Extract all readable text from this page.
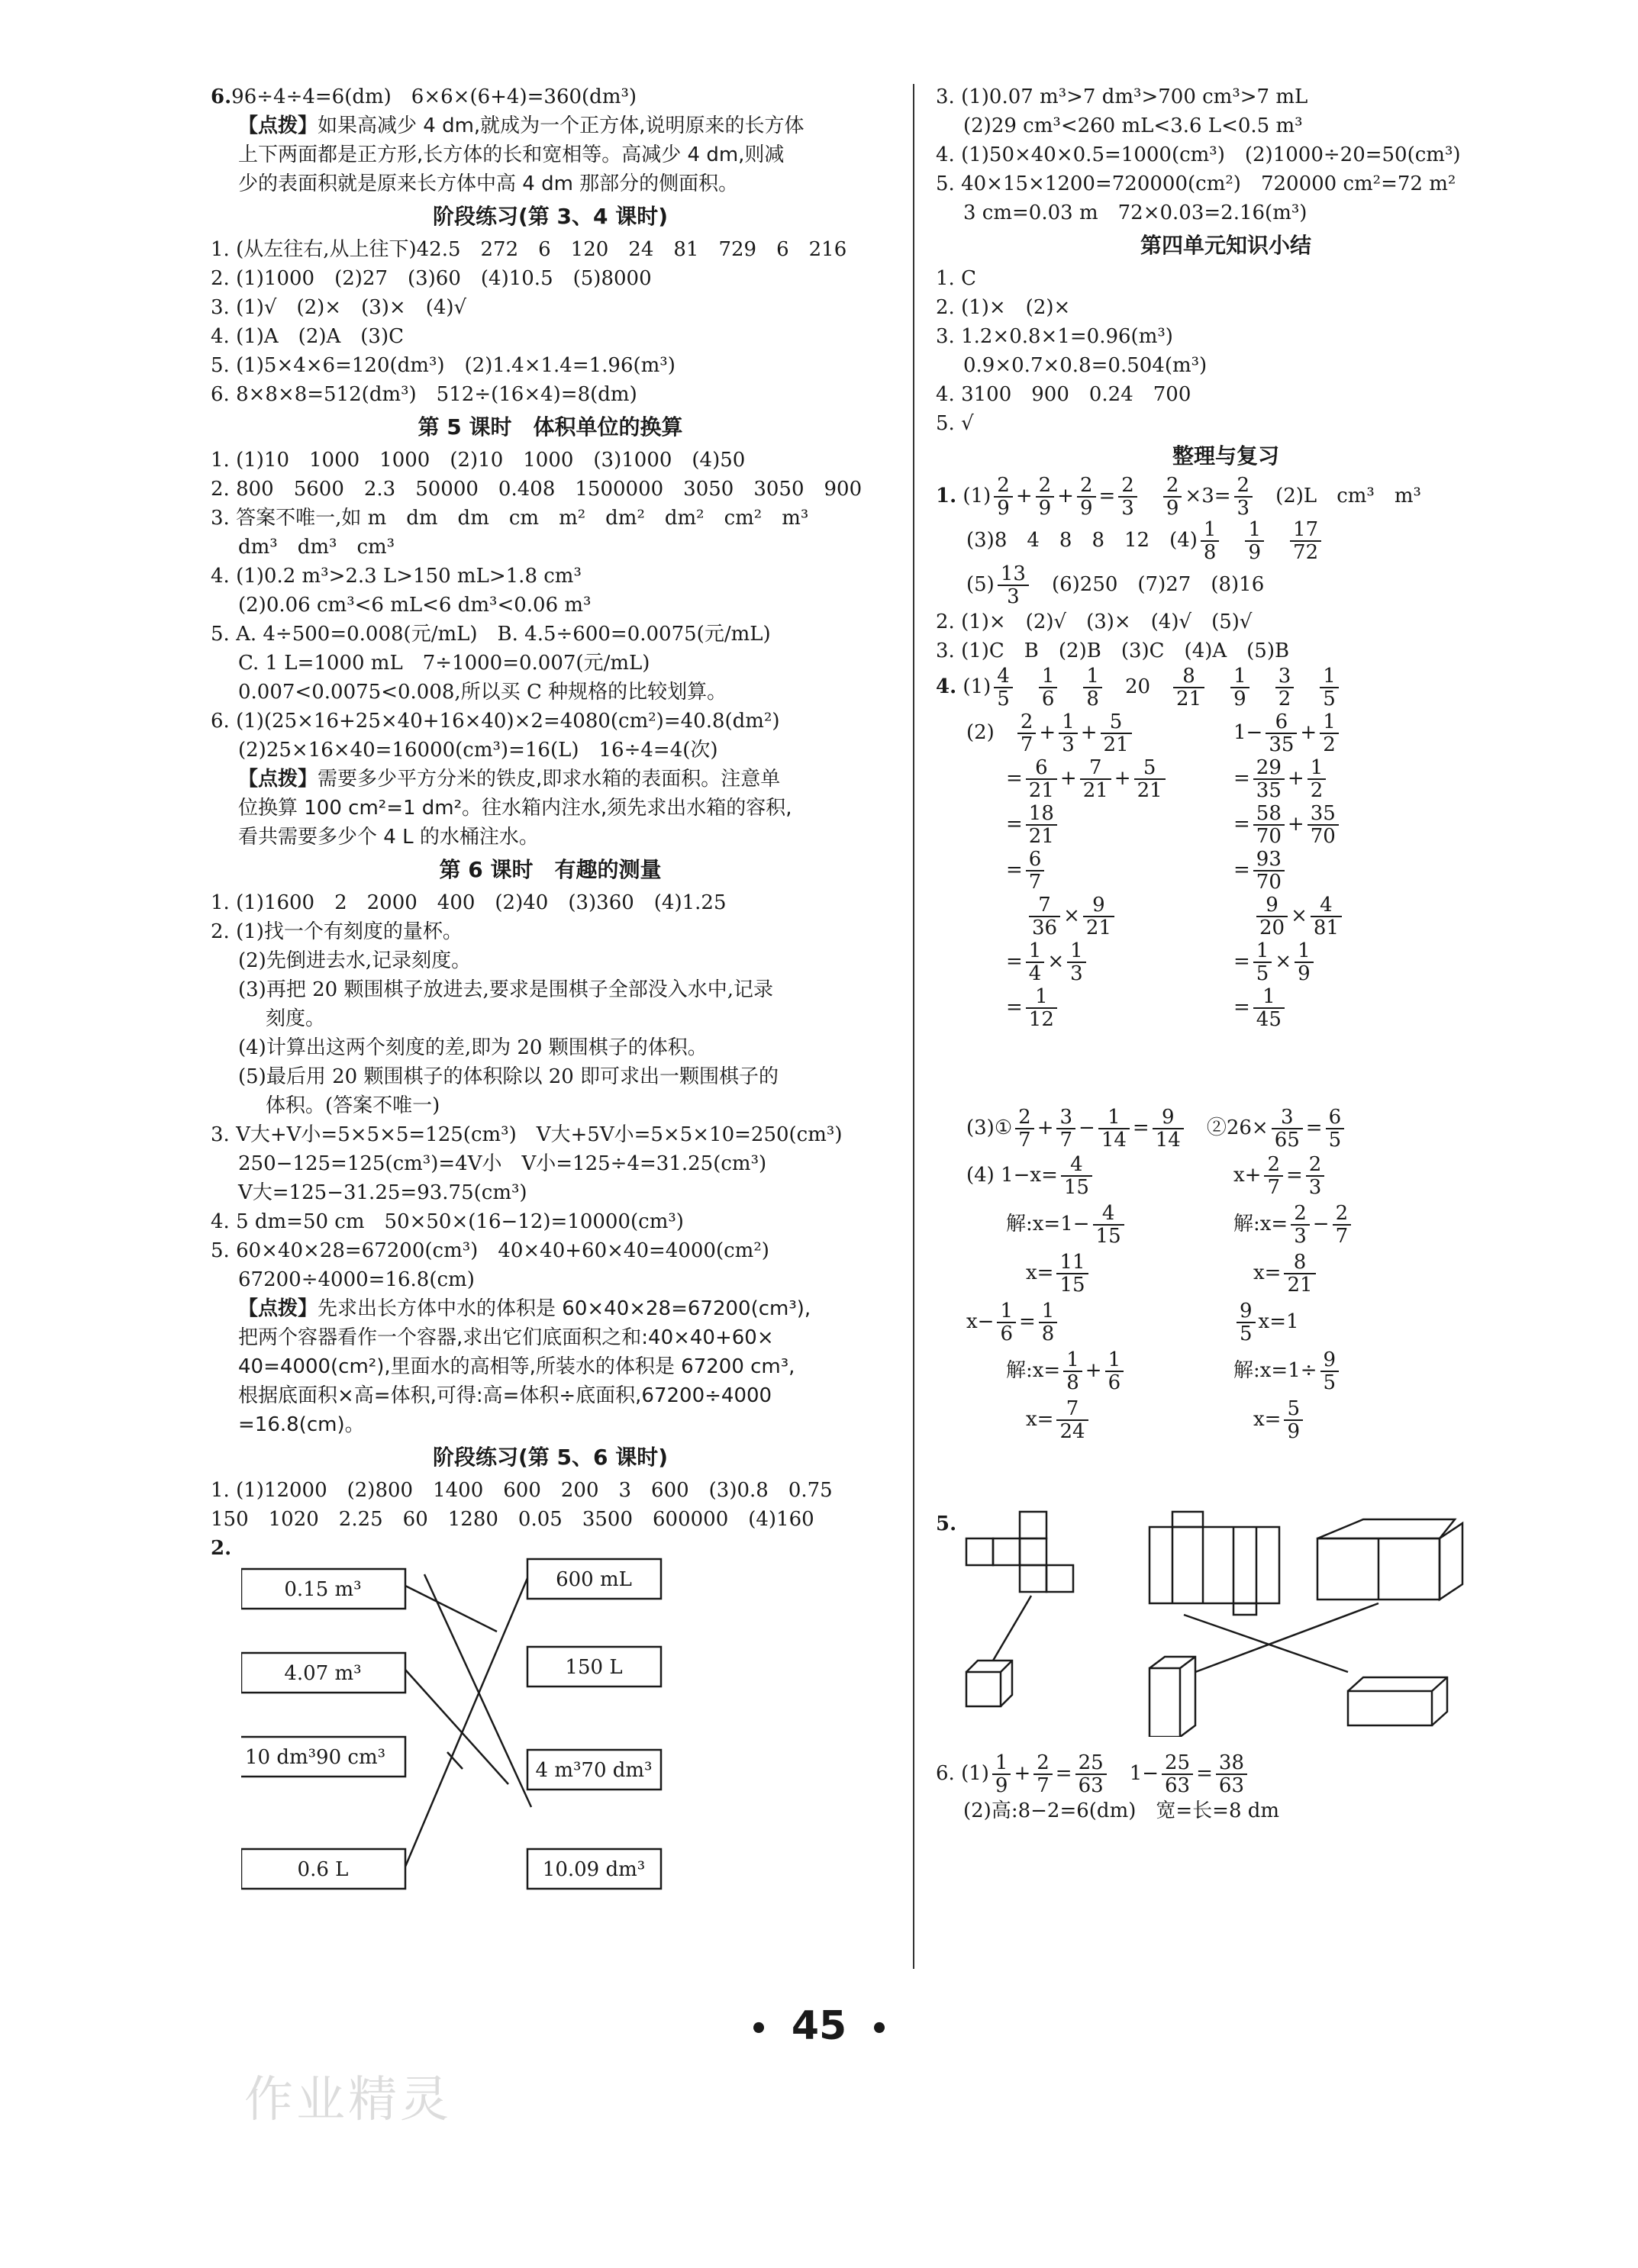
6.96÷4÷4=6(dm)　6×6×(6+4)=360(dm³)
【点拨】如果高减少 4 dm,就成为一个正方体,说明原来的长方体
上下两面都是正方形,长方体的长和宽相等。高减少 4 dm,则减
少的表面积就是原来长方体中高 4 dm 那部分的侧面积。
阶段练习(第 3、4 课时)
1. (从左往右,从上往下)42.5　272　6　120　24　81　729　6　216
2. (1)1000　(2)27　(3)60　(4)10.5　(5)8000
3. (1)√　(2)×　(3)×　(4)√
4. (1)A　(2)A　(3)C
5. (1)5×4×6=120(dm³)　(2)1.4×1.4=1.96(m³)
6. 8×8×8=512(dm³)　512÷(16×4)=8(dm)
第 5 课时　体积单位的换算
1. (1)10　1000　1000　(2)10　1000　(3)1000　(4)50
2. 800　5600　2.3　50000　0.408　1500000　3050　3050　900
3. 答案不唯一,如 m　dm　dm　cm　m²　dm²　dm²　cm²　m³
dm³　dm³　cm³
4. (1)0.2 m³>2.3 L>150 mL>1.8 cm³
(2)0.06 cm³<6 mL<6 dm³<0.06 m³
5. A. 4÷500=0.008(元/mL)　B. 4.5÷600=0.0075(元/mL)
C. 1 L=1000 mL　7÷1000=0.007(元/mL)
0.007<0.0075<0.008,所以买 C 种规格的比较划算。
6. (1)(25×16+25×40+16×40)×2=4080(cm²)=40.8(dm²)
(2)25×16×40=16000(cm³)=16(L)　16÷4=4(次)
【点拨】需要多少平方分米的铁皮,即求水箱的表面积。注意单
位换算 100 cm²=1 dm²。往水箱内注水,须先求出水箱的容积,
看共需要多少个 4 L 的水桶注水。
第 6 课时　有趣的测量
1. (1)1600　2　2000　400　(2)40　(3)360　(4)1.25
2. (1)找一个有刻度的量杯。
(2)先倒进去水,记录刻度。
(3)再把 20 颗围棋子放进去,要求是围棋子全部没入水中,记录
刻度。
(4)计算出这两个刻度的差,即为 20 颗围棋子的体积。
(5)最后用 20 颗围棋子的体积除以 20 即可求出一颗围棋子的
体积。(答案不唯一)
3. V大+V小=5×5×5=125(cm³)　V大+5V小=5×5×10=250(cm³)
250−125=125(cm³)=4V小　V小=125÷4=31.25(cm³)
V大=125−31.25=93.75(cm³)
4. 5 dm=50 cm　50×50×(16−12)=10000(cm³)
5. 60×40×28=67200(cm³)　40×40+60×40=4000(cm²)
67200÷4000=16.8(cm)
【点拨】先求出长方体中水的体积是 60×40×28=67200(cm³),
把两个容器看作一个容器,求出它们底面积之和:40×40+60×
40=4000(cm²),里面水的高相等,所装水的体积是 67200 cm³,
根据底面积×高=体积,可得:高=体积÷底面积,67200÷4000
=16.8(cm)。
阶段练习(第 5、6 课时)
1. (1)12000　(2)800　1400　600　200　3　600　(3)0.8　0.75
150　1020　2.25　60　1280　0.05　3500　600000　(4)160
2.
0.15 m³
4.07 m³
10 dm³90 cm³
0.6 L
600 mL
150 L
4 m³70 dm³
10.09 dm³
3. (1)0.07 m³>7 dm³>700 cm³>7 mL
(2)29 cm³<260 mL<3.6 L<0.5 m³
4. (1)50×40×0.5=1000(cm³)　(2)1000÷20=50(cm³)
5. 40×15×1200=720000(cm²)　720000 cm²=72 m²
3 cm=0.03 m　72×0.03=2.16(m³)
第四单元知识小结
1. C
2. (1)×　(2)×
3. 1.2×0.8×1=0.96(m³)
0.9×0.7×0.8=0.504(m³)
4. 3100　900　0.24　700
5. √
整理与复习
1. $(1) \frac{2}{9} + \frac{2}{9} + \frac{2}{9} = \frac{2}{3}$
　 $\frac{2}{9} \times 3= \frac{2}{3}$
　 (2)L　cm³　m³
(3)8　4　8　8　12　$(4) \frac{1}{8}$
　 $\frac{1}{9}$
　 $\frac{17}{72}$
$(5) \frac{13}{3}$
　 (6)250　(7)27　(8)16
2. (1)×　(2)√　(3)×　(4)√　(5)√
3. (1)C　B　(2)B　(3)C　(4)A　(5)B
4. $(1) \frac{4}{5}$
　 $\frac{1}{6}$
　 $\frac{1}{8}$ 　20　 $\frac{8}{21}$
　 $\frac{1}{9}$
　 $\frac{3}{2}$
　 $\frac{1}{5}$
(2)　 $\frac{2}{7} + \frac{1}{3} + \frac{5}{21}$

　　= $\frac{6}{21} + \frac{7}{21} + \frac{5}{21}$

　　= $\frac{18}{21}$

　　= $\frac{6}{7}$

$\frac{7}{36} \times \frac{9}{21}$

　　= $\frac{1}{4} \times \frac{1}{3}$

　　= $\frac{1}{12}$
$1- \frac{6}{35} + \frac{1}{2}$

= $\frac{29}{35} + \frac{1}{2}$

= $\frac{58}{70} + \frac{35}{70}$

= $\frac{93}{70}$

$\frac{9}{20} \times \frac{4}{81}$

= $\frac{1}{5} \times \frac{1}{9}$

= $\frac{1}{45}$
(3)① $\frac{2}{7} + \frac{3}{7} - \frac{1}{14} = \frac{9}{14}$ 　②26× $\frac{3}{65} = \frac{6}{5}$
(4) $1-x= \frac{4}{15}$

　　解:x=1− $\frac{4}{15}$

　　　$x= \frac{11}{15}$

$x- \frac{1}{6} = \frac{1}{8}$

　　解:x= $\frac{1}{8} + \frac{1}{6}$

　　　$x= \frac{7}{24}$
$x+ \frac{2}{7} = \frac{2}{3}$

解:x= $\frac{2}{3} - \frac{2}{7}$

　$x= \frac{8}{21}$

$\frac{9}{5} x=1$
解:x=1÷ $\frac{9}{5}$

　$x= \frac{5}{9}$
5.
6. $(1) \frac{1}{9} + \frac{2}{7} = \frac{25}{63}$ 　$1- \frac{25}{63} = \frac{38}{63}$
(2)高:8−2=6(dm)　宽=长=8 dm
• 45 •
作业精灵
